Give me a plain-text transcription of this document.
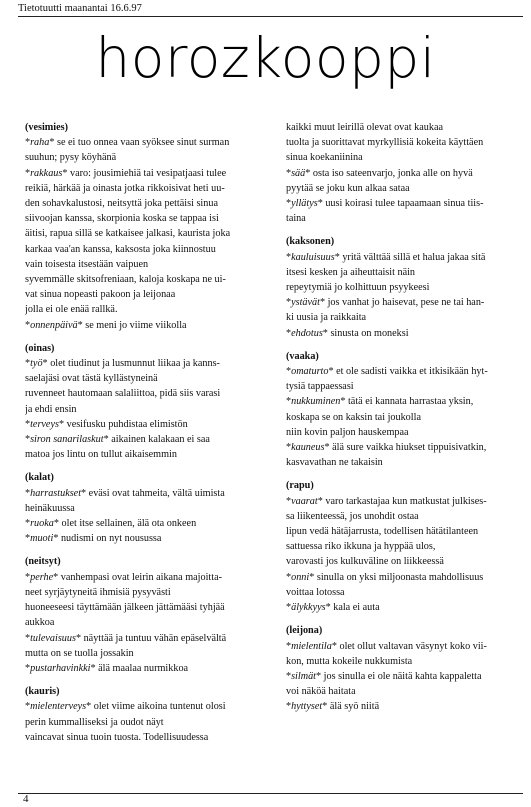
Tietotuutti maanantai 16.6.97
horozkooppi
(vesimies)
*raha* se ei tuo onnea vaan syöksee sinut surman
suuhun; pysy köyhänä
*rakkaus* varo: jousimiehiä tai vesipatjaasi tulee
reikiä, härkää ja oinasta jotka rikkoisivat heti uu-
den sohavkalustosi, neitsyttä joka pettäisi sinua
siivoojan kanssa, skorpionia koska se tappaa isi
äitisi, rapua sillä se katkaisee jalkasi, kaurista joka
karkaa vaa'an kanssa, kaksosta joka kiinnostuu
vain toisesta itsestään vaipuen
syvemmälle skitsofreniaan, kaloja koskapa ne ui-
vat sinua nopeasti pakoon ja leijonaa
jolla ei ole enää rallkä.
*onnenpäivä* se meni jo viime viikolla
(oinas)
*työ* olet tiudinut ja lusmunnut liikaa ja kanns-
saelajäsi ovat tästä kyllästyneinä
ruvenneet hautomaan salaliittoa, pidä siis varasi
ja ehdi ensin
*terveys* vesifusku puhdistaa elimistön
*siron sanarilaskut* aikainen kalakaan ei saa
matoa jos lintu on tullut aikaisemmin
(kalat)
*harrastukset* eväsi ovat tahmeita, vältä uimista
heinäkuussa
*ruoka* olet itse sellainen, älä ota onkeen
*muoti* nudismi on nyt nousussa
(neitsyt)
*perhe* vanhempasi ovat leirin aikana majoitta-
neet syrjäytyneitä ihmisiä pysyvästi
huoneeseesi täyttämään jälkeen jättämääsi tyhjää
aukkoa
*tulevaisuus* näyttää ja tuntuu vähän epäselvältä
mutta on se tuolla jossakin
*pustarhavinkki* älä maalaa nurmikkoa
(kauris)
*mielenterveys* olet viime aikoina tuntenut olosi
perin kummalliseksi ja oudot näyt
vaincavat sinua tuoin tuosta. Todellisuudessa
kaikki muut leirillä olevat ovat kaukaa
tuolta ja suorittavat myrkyllisiä kokeita käyttäen
sinua koekaniinina
*sää* osta iso sateenvarjo, jonka alle on hyvä
pyytää se joku kun alkaa sataa
*yllätys* uusi koirasi tulee tapaamaan sinua tiis-
taina
(kaksonen)
*kauluisuus* yritä välttää sillä et halua jakaa sitä
itsesi kesken ja aiheuttaisit näin
repeytymiä jo kolhittuun psyykeesi
*ystävät* jos vanhat jo haisevat, pese ne tai han-
ki uusia ja raikkaita
*ehdotus* sinusta on moneksi
(vaaka)
*omaturto* et ole sadisti vaikka et itkisikään hyt-
tysiä tappaessasi
*nukkuminen* tätä ei kannata harrastaa yksin,
koskapa se on kaksin tai joukolla
niin kovin paljon hauskempaa
*kauneus* älä sure vaikka hiukset tippuisivatkin,
kasvavathan ne takaisin
(rapu)
*vaarat* varo tarkastajaa kun matkustat julkises-
sa liikenteessä, jos unohdit ostaa
lipun vedä hätäjarrusta, todellisen hätätilanteen
sattuessa riko ikkuna ja hyppää ulos,
varovasti jos kulkuväline on liikkeessä
*onni* sinulla on yksi miljoonasta mahdollisuus
voittaa lotossa
*älykkyys* kala ei auta
(leijona)
*mielentila* olet ollut valtavan väsynyt koko vii-
kon, mutta kokeile nukkumista
*silmät* jos sinulla ei ole näitä kahta kappaletta
voi näköä haitata
*hyttyset* älä syö niitä
4
